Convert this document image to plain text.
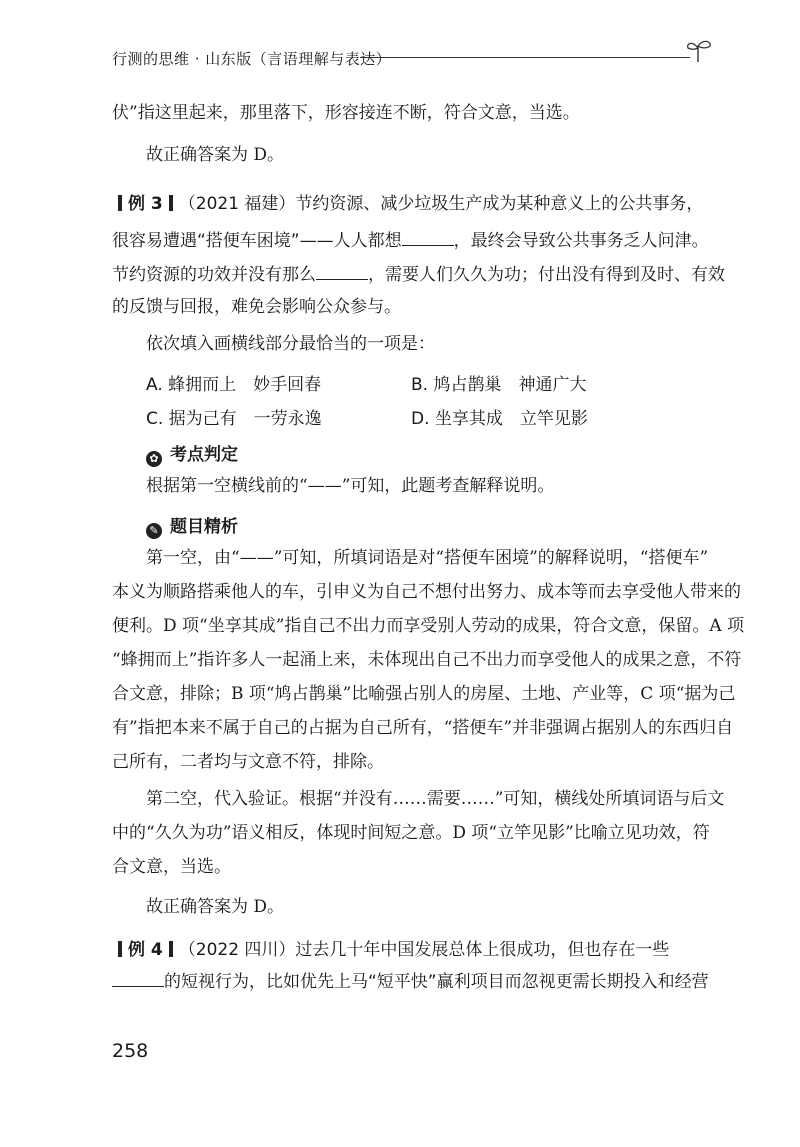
行测的思维 · 山东版（言语理解与表达）
伏”指这里起来，那里落下，形容接连不断，符合文意，当选。
故正确答案为 D。
例 3 （2021 福建）节约资源、减少垃圾生产成为某种意义上的公共事务，
很容易遭遇“搭便车困境”——人人都想	，最终会导致公共事务乏人问津。
节约资源的功效并没有那么	，需要人们久久为功；付出没有得到及时、有效
的反馈与回报，难免会影响公众参与。
依次填入画横线部分最恰当的一项是：
A. 蜂拥而上　妙手回春	B. 鸠占鹊巢　神通广大
C. 据为己有　一劳永逸	D. 坐享其成　立竿见影
✿ 考点判定
根据第一空横线前的“——”可知，此题考查解释说明。
✎ 题目精析
第一空，由“——”可知，所填词语是对“搭便车困境”的解释说明，“搭便车”
本义为顺路搭乘他人的车，引申义为自己不想付出努力、成本等而去享受他人带来的
便利。D 项“坐享其成”指自己不出力而享受别人劳动的成果，符合文意，保留。A 项
“蜂拥而上”指许多人一起涌上来，未体现出自己不出力而享受他人的成果之意，不符
合文意，排除；B 项“鸠占鹊巢”比喻强占别人的房屋、土地、产业等，C 项“据为己
有”指把本来不属于自己的占据为自己所有，“搭便车”并非强调占据别人的东西归自
己所有，二者均与文意不符，排除。
第二空，代入验证。根据“并没有……需要……”可知，横线处所填词语与后文
中的“久久为功”语义相反，体现时间短之意。D 项“立竿见影”比喻立见功效，符
合文意，当选。
故正确答案为 D。
例 4 （2022 四川）过去几十年中国发展总体上很成功，但也存在一些
的短视行为，比如优先上马“短平快”赢利项目而忽视更需长期投入和经营
258
